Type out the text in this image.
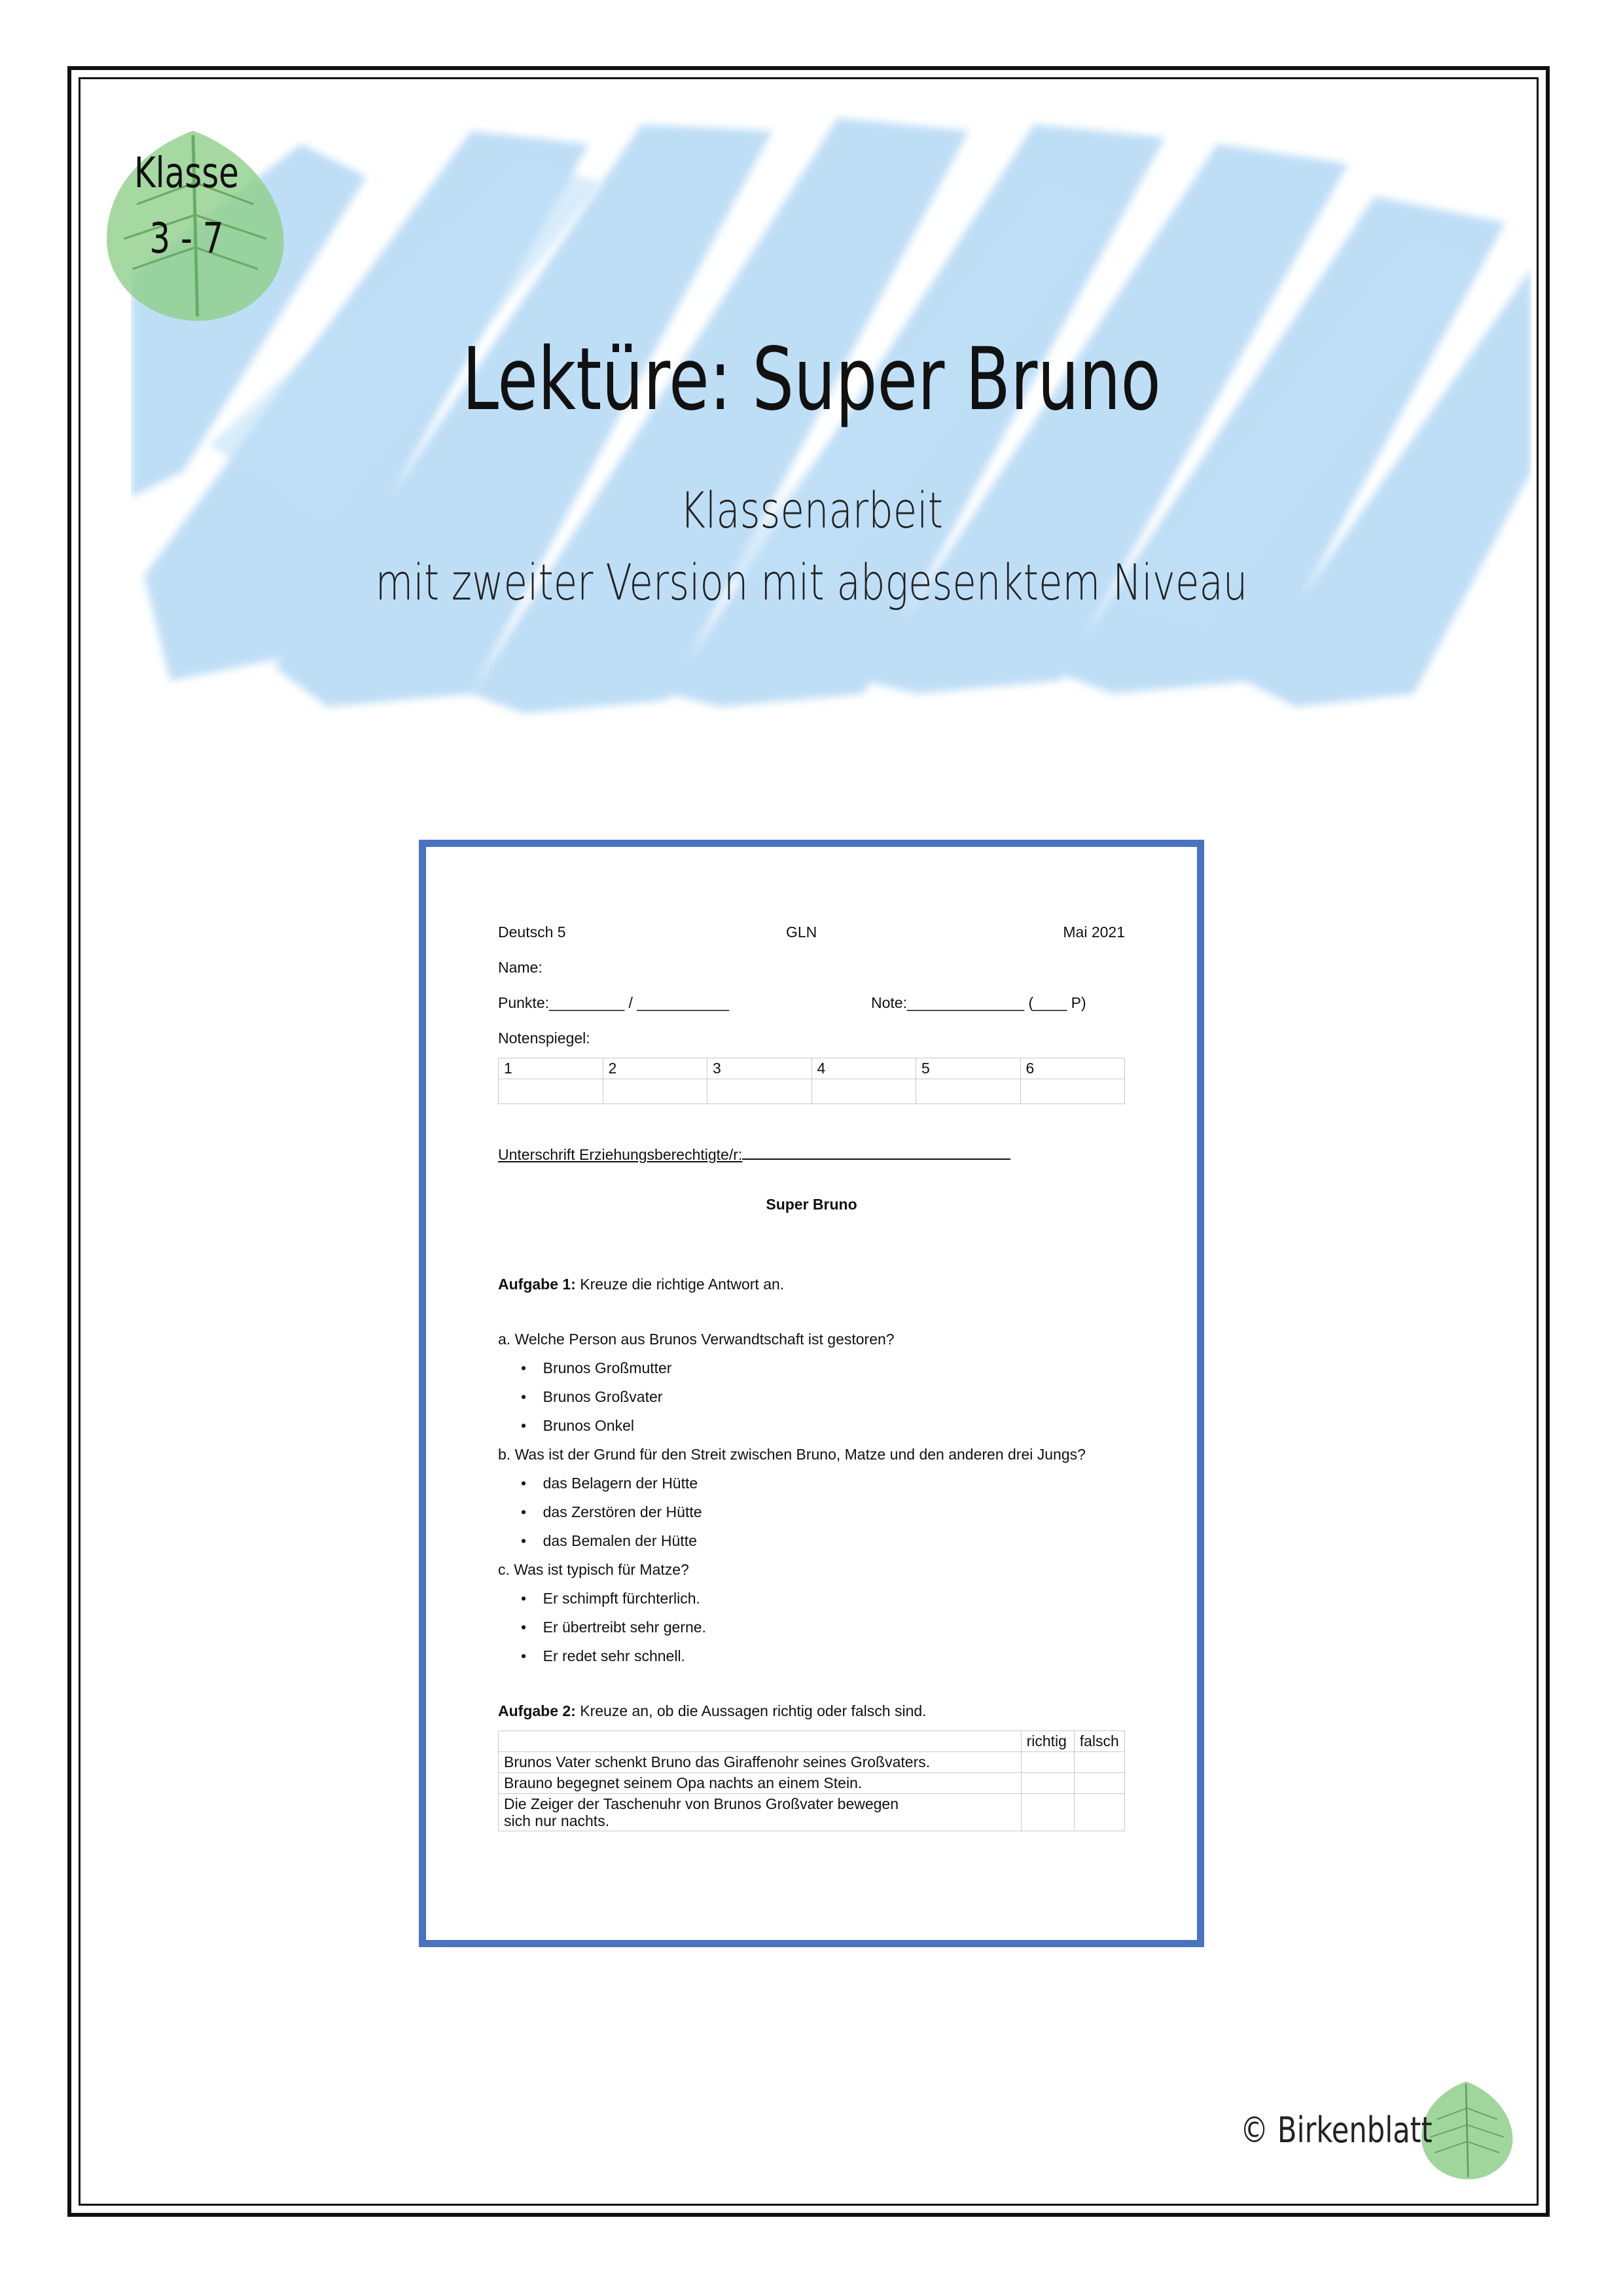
Klasse
3 - 7
Lektüre: Super Bruno
Klassenarbeit
mit zweiter Version mit abgesenktem Niveau
Deutsch 5	GLN	Mai 2021
Name:
Punkte:_________ / ___________	Note:______________ (____ P)
Notenspiegel:
1	2	3	4	5	6

Unterschrift Erziehungsberechtigte/r:
Super Bruno
Aufgabe 1: Kreuze die richtige Antwort an.
a. Welche Person aus Brunos Verwandtschaft ist gestoren?
•    Brunos Großmutter
•    Brunos Großvater
•    Brunos Onkel
b. Was ist der Grund für den Streit zwischen Bruno, Matze und den anderen drei Jungs?
•    das Belagern der Hütte
•    das Zerstören der Hütte
•    das Bemalen der Hütte
c. Was ist typisch für Matze?
•    Er schimpft fürchterlich.
•    Er übertreibt sehr gerne.
•    Er redet sehr schnell.
Aufgabe 2: Kreuze an, ob die Aussagen richtig oder falsch sind.
	richtig	falsch
Brunos Vater schenkt Bruno das Giraffenohr seines Großvaters.		
Brauno begegnet seinem Opa nachts an einem Stein.		

Die Zeiger der Taschenuhr von Brunos Großvater bewegen sich nur nachts.		

© Birkenblatt
